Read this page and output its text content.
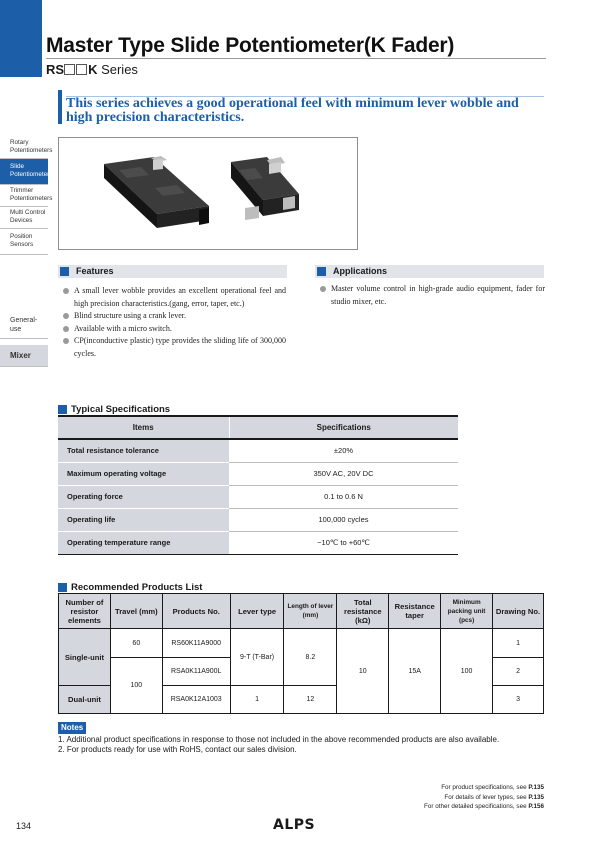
Master Type Slide Potentiometer(K Fader)
RS K Series

This series achieves a good operational feel with minimum lever wobble and high precision characteristics.

Rotary Potentiometers
Slide Potentiometers
Trimmer Potentiometers
Multi Control Devices
Position Sensors
General-use
Mixer
Features
A small lever wobble provides an excellent operational feel and high precision characteristics.(gang, error, taper, etc.)
Blind structure using a crank lever.
Available with a micro switch.
CP(inconductive plastic) type provides the sliding life of 300,000 cycles.
Applications
Master volume control in high-grade audio equipment, fader for studio mixer, etc.
Typical Specifications
Items	Specifications
Total resistance tolerance	±20%
Maximum operating voltage	350V AC, 20V DC
Operating force	0.1 to 0.6 N
Operating life	100,000 cycles
Operating temperature range	−10℃ to +60℃
Recommended Products List
Number of resistor elements	Travel (mm)	Products No.	Lever type	Length of lever (mm)	Total resistance (kΩ)	Resistance taper	Minimum packing unit (pcs)	Drawing No.
Single-unit	60	RS60K11A9000	9-T (T-Bar)	8.2	10	15A	100	1
	100	RSA0K11A900L						2
Dual-unit		RSA0K12A1003	1	12				3
Notes
1. Additional product specifications in response to those not included in the above recommended products are also available.
2. For products ready for use with RoHS, contact our sales division.
For product specifications, see P.135
For details of lever types, see P.135
For other detailed specifications, see P.156
134	ALPS
